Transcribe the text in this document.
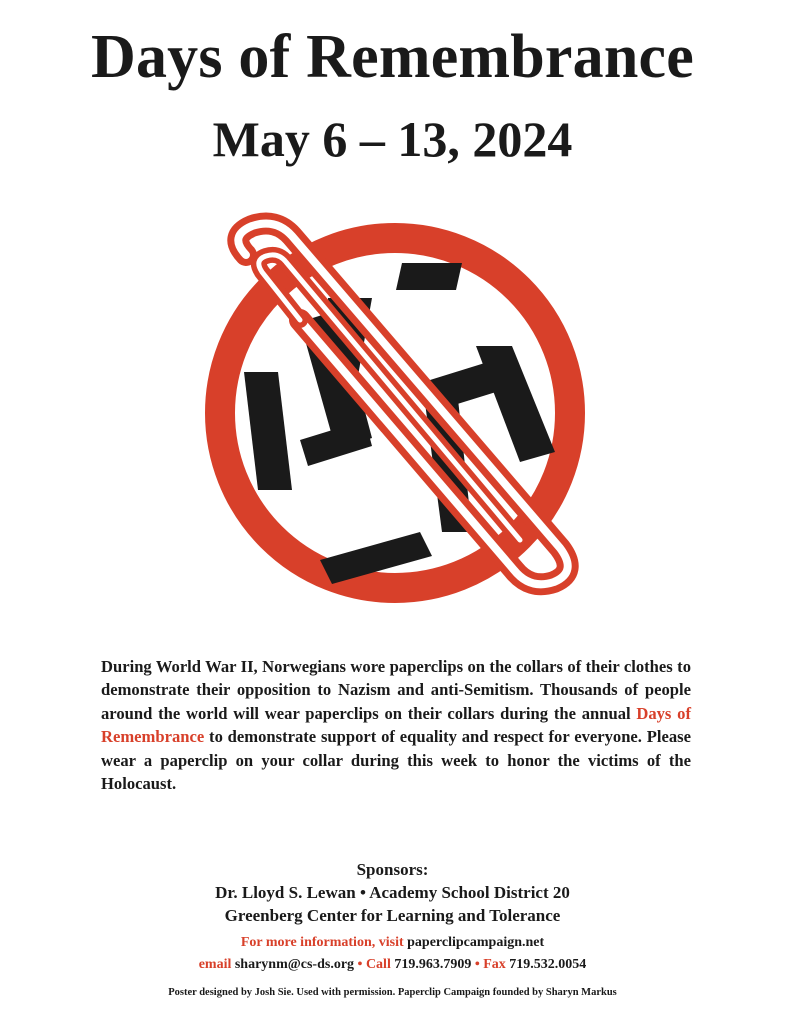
Days of Remembrance
May 6 – 13, 2024
During World War II, Norwegians wore paperclips on the collars of their clothes to demonstrate their opposition to Nazism and anti-Semitism. Thousands of people around the world will wear paperclips on their collars during the annual Days of Remembrance to demonstrate support of equality and respect for everyone. Please wear a paperclip on your collar during this week to honor the victims of the Holocaust.
Sponsors:
Dr. Lloyd S. Lewan • Academy School District 20
Greenberg Center for Learning and Tolerance
For more information, visit paperclipcampaign.net
email sharynm@cs-ds.org • Call 719.963.7909 • Fax 719.532.0054
Poster designed by Josh Sie. Used with permission. Paperclip Campaign founded by Sharyn Markus
